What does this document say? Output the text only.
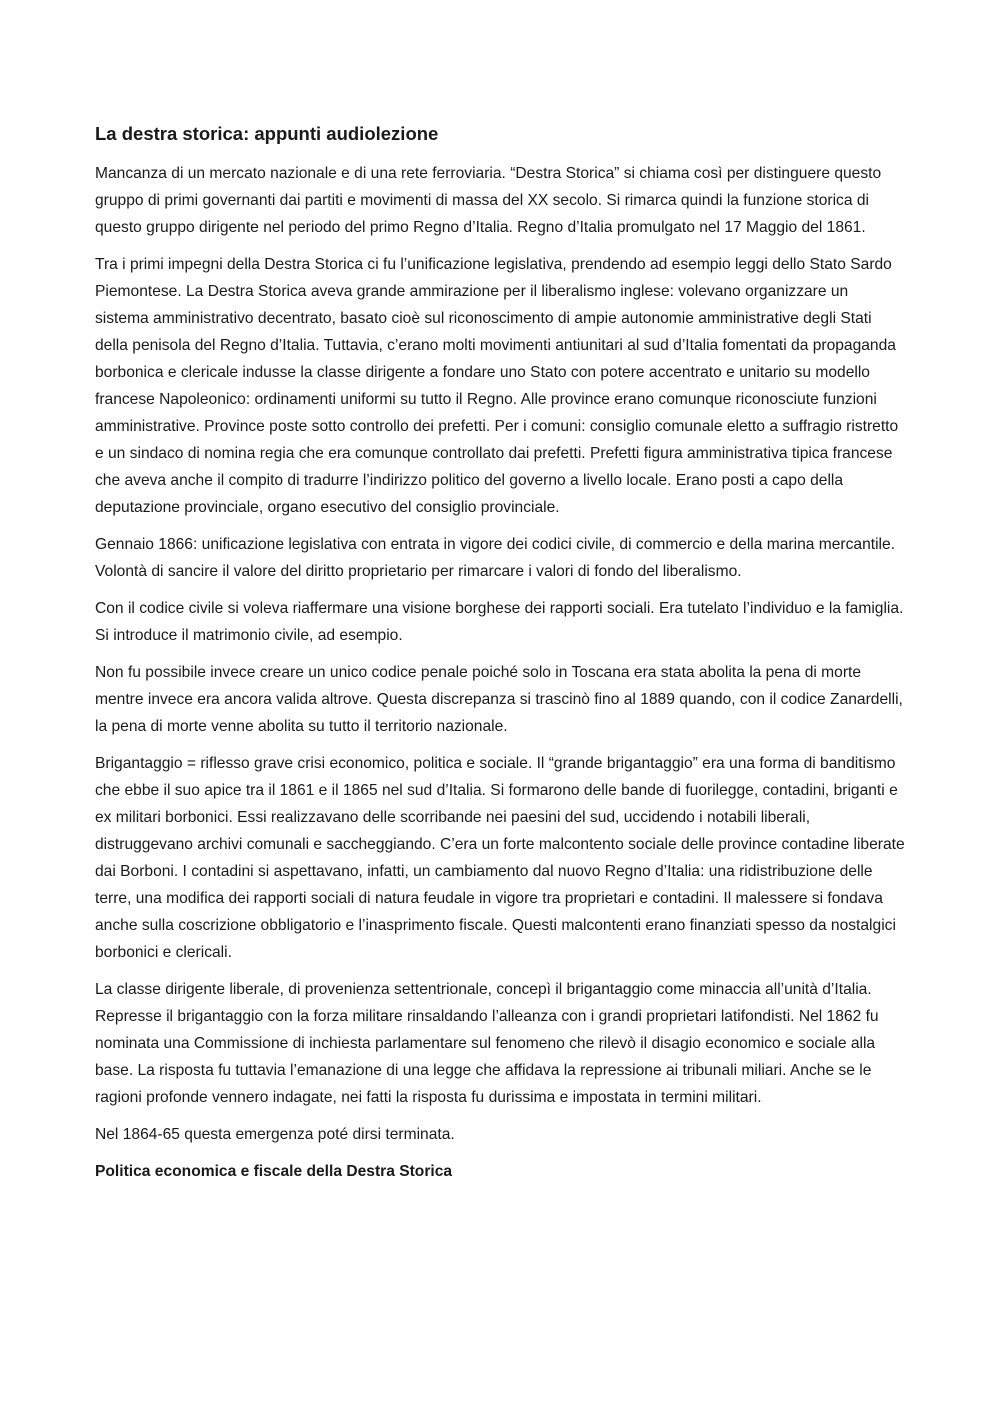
La destra storica: appunti audiolezione

Mancanza di un mercato nazionale e di una rete ferroviaria. “Destra Storica” si chiama così per distinguere questo gruppo di primi governanti dai partiti e movimenti di massa del XX secolo. Si rimarca quindi la funzione storica di questo gruppo dirigente nel periodo del primo Regno d’Italia. Regno d’Italia promulgato nel 17 Maggio del 1861.

Tra i primi impegni della Destra Storica ci fu l’unificazione legislativa, prendendo ad esempio leggi dello Stato Sardo Piemontese. La Destra Storica aveva grande ammirazione per il liberalismo inglese: volevano organizzare un sistema amministrativo decentrato, basato cioè sul riconoscimento di ampie autonomie amministrative degli Stati della penisola del Regno d’Italia. Tuttavia, c’erano molti movimenti antiunitari al sud d’Italia fomentati da propaganda borbonica e clericale indusse la classe dirigente a fondare uno Stato con potere accentrato e unitario su modello francese Napoleonico: ordinamenti uniformi su tutto il Regno. Alle province erano comunque riconosciute funzioni amministrative. Province poste sotto controllo dei prefetti. Per i comuni: consiglio comunale eletto a suffragio ristretto e un sindaco di nomina regia che era comunque controllato dai prefetti. Prefetti figura amministrativa tipica francese che aveva anche il compito di tradurre l’indirizzo politico del governo a livello locale. Erano posti a capo della deputazione provinciale, organo esecutivo del consiglio provinciale.

Gennaio 1866: unificazione legislativa con entrata in vigore dei codici civile, di commercio e della marina mercantile. Volontà di sancire il valore del diritto proprietario per rimarcare i valori di fondo del liberalismo.

Con il codice civile si voleva riaffermare una visione borghese dei rapporti sociali. Era tutelato l’individuo e la famiglia. Si introduce il matrimonio civile, ad esempio.

Non fu possibile invece creare un unico codice penale poiché solo in Toscana era stata abolita la pena di morte mentre invece era ancora valida altrove. Questa discrepanza si trascinò fino al 1889 quando, con il codice Zanardelli, la pena di morte venne abolita su tutto il territorio nazionale.

Brigantaggio = riflesso grave crisi economico, politica e sociale. Il “grande brigantaggio” era una forma di banditismo che ebbe il suo apice tra il 1861 e il 1865 nel sud d’Italia. Si formarono delle bande di fuorilegge, contadini, briganti e ex militari borbonici. Essi realizzavano delle scorribande nei paesini del sud, uccidendo i notabili liberali, distruggevano archivi comunali e saccheggiando. C’era un forte malcontento sociale delle province contadine liberate dai Borboni. I contadini si aspettavano, infatti, un cambiamento dal nuovo Regno d’Italia: una ridistribuzione delle terre, una modifica dei rapporti sociali di natura feudale in vigore tra proprietari e contadini. Il malessere si fondava anche sulla coscrizione obbligatorio e l’inasprimento fiscale. Questi malcontenti erano finanziati spesso da nostalgici borbonici e clericali.

La classe dirigente liberale, di provenienza settentrionale, concepì il brigantaggio come minaccia all’unità d’Italia. Represse il brigantaggio con la forza militare rinsaldando l’alleanza con i grandi proprietari latifondisti. Nel 1862 fu nominata una Commissione di inchiesta parlamentare sul fenomeno che rilevò il disagio economico e sociale alla base. La risposta fu tuttavia l’emanazione di una legge che affidava la repressione ai tribunali miliari. Anche se le ragioni profonde vennero indagate, nei fatti la risposta fu durissima e impostata in termini militari.

Nel 1864-65 questa emergenza poté dirsi terminata.

Politica economica e fiscale della Destra Storica
